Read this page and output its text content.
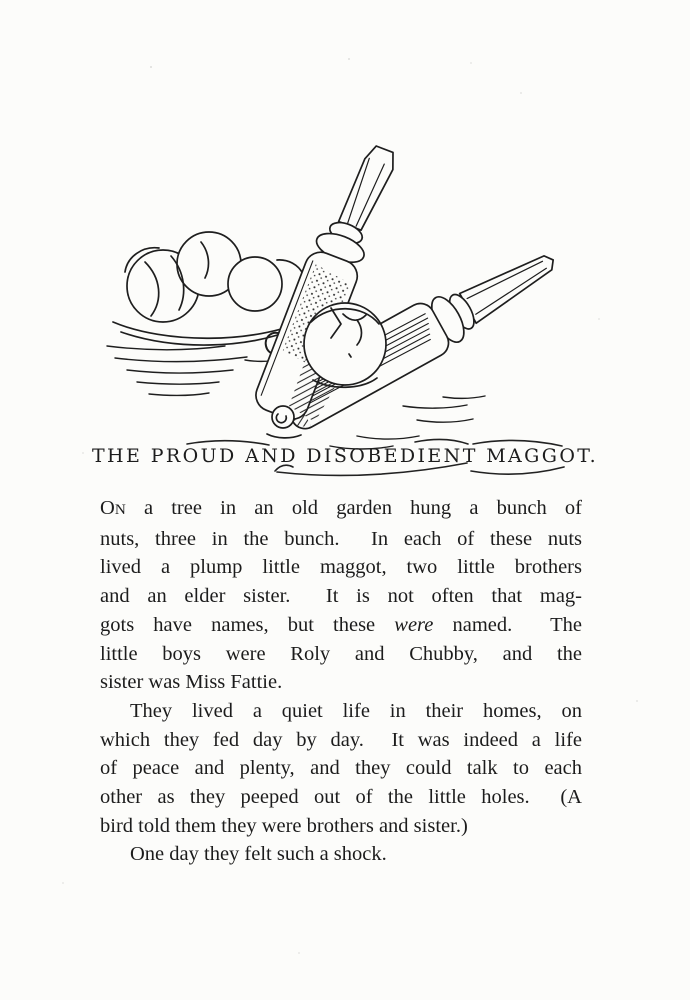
THE PROUD AND DISOBEDIENT MAGGOT.
ON a tree in an old garden hung a bunch of
nuts, three in the bunch.  In each of these nuts
lived a plump little maggot, two little brothers
and an elder sister.  It is not often that mag-
gots have names, but these were named.  The
little boys were Roly and Chubby, and the
sister was Miss Fattie.
They lived a quiet life in their homes, on
which they fed day by day.  It was indeed a life
of peace and plenty, and they could talk to each
other as they peeped out of the little holes.  (A
bird told them they were brothers and sister.)
One day they felt such a shock.
